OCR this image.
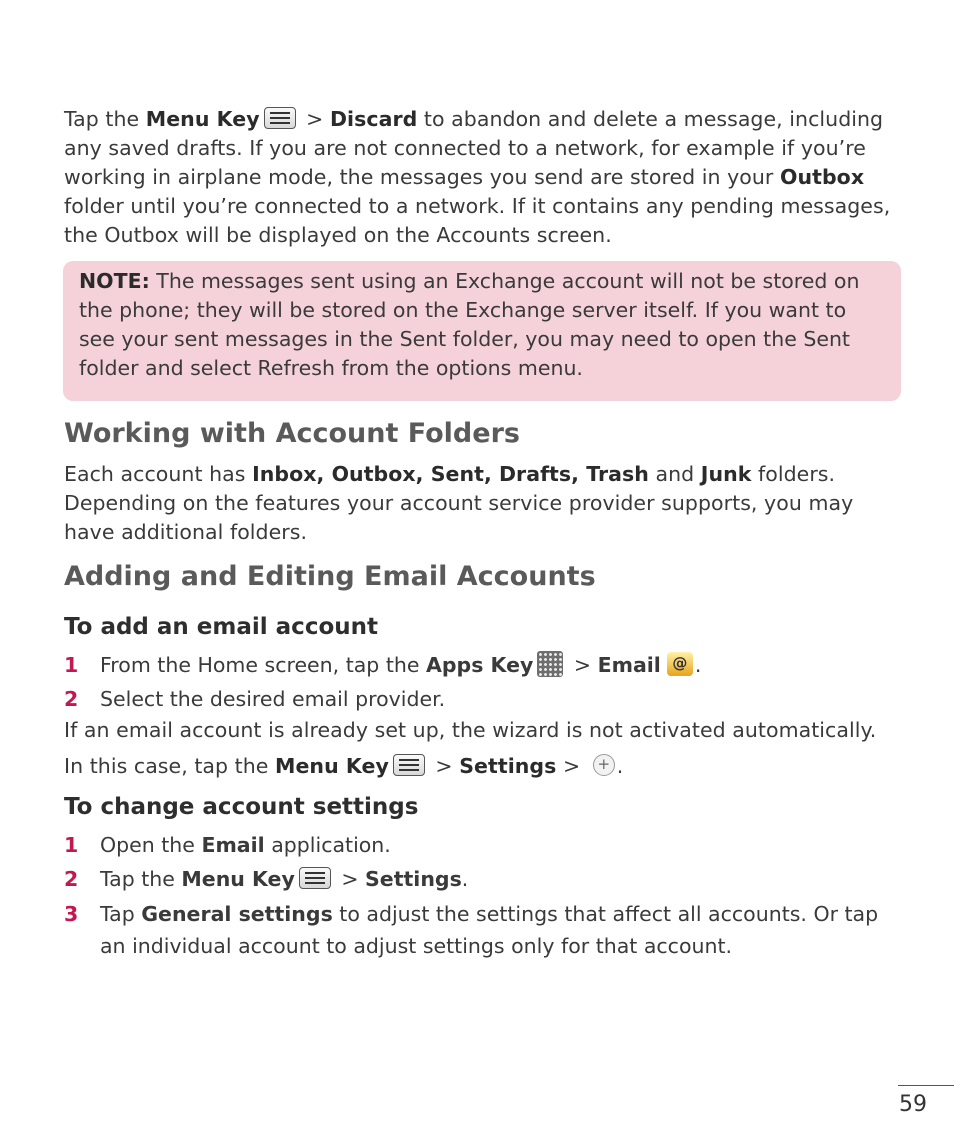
Tap the Menu Key
> Discard to abandon and delete a message, including any saved drafts. If you are not connected to a network, for example if you’re working in airplane mode, the messages you send are stored in your Outbox folder until you’re connected to a network. If it contains any pending messages, the Outbox will be displayed on the Accounts screen.

NOTE: The messages sent using an Exchange account will not be stored on the phone; they will be stored on the Exchange server itself. If you want to see your sent messages in the Sent folder, you may need to open the Sent folder and select Refresh from the options menu.
Working with Account Folders

Each account has Inbox, Outbox, Sent, Drafts, Trash and Junk folders. Depending on the features your account service provider supports, you may have additional folders.

Adding and Editing Email Accounts
To add an email account
1 From the Home screen, tap the Apps Key > Email @ .
2 Select the desired email provider.

If an email account is already set up, the wizard is not activated automatically.

In this case, tap the Menu Key
> Settings > + .

To change account settings
1 Open the Email application.
2 Tap the Menu Key
> Settings.
3 Tap General settings to adjust the settings that affect all accounts. Or tap an individual account to adjust settings only for that account.
59
